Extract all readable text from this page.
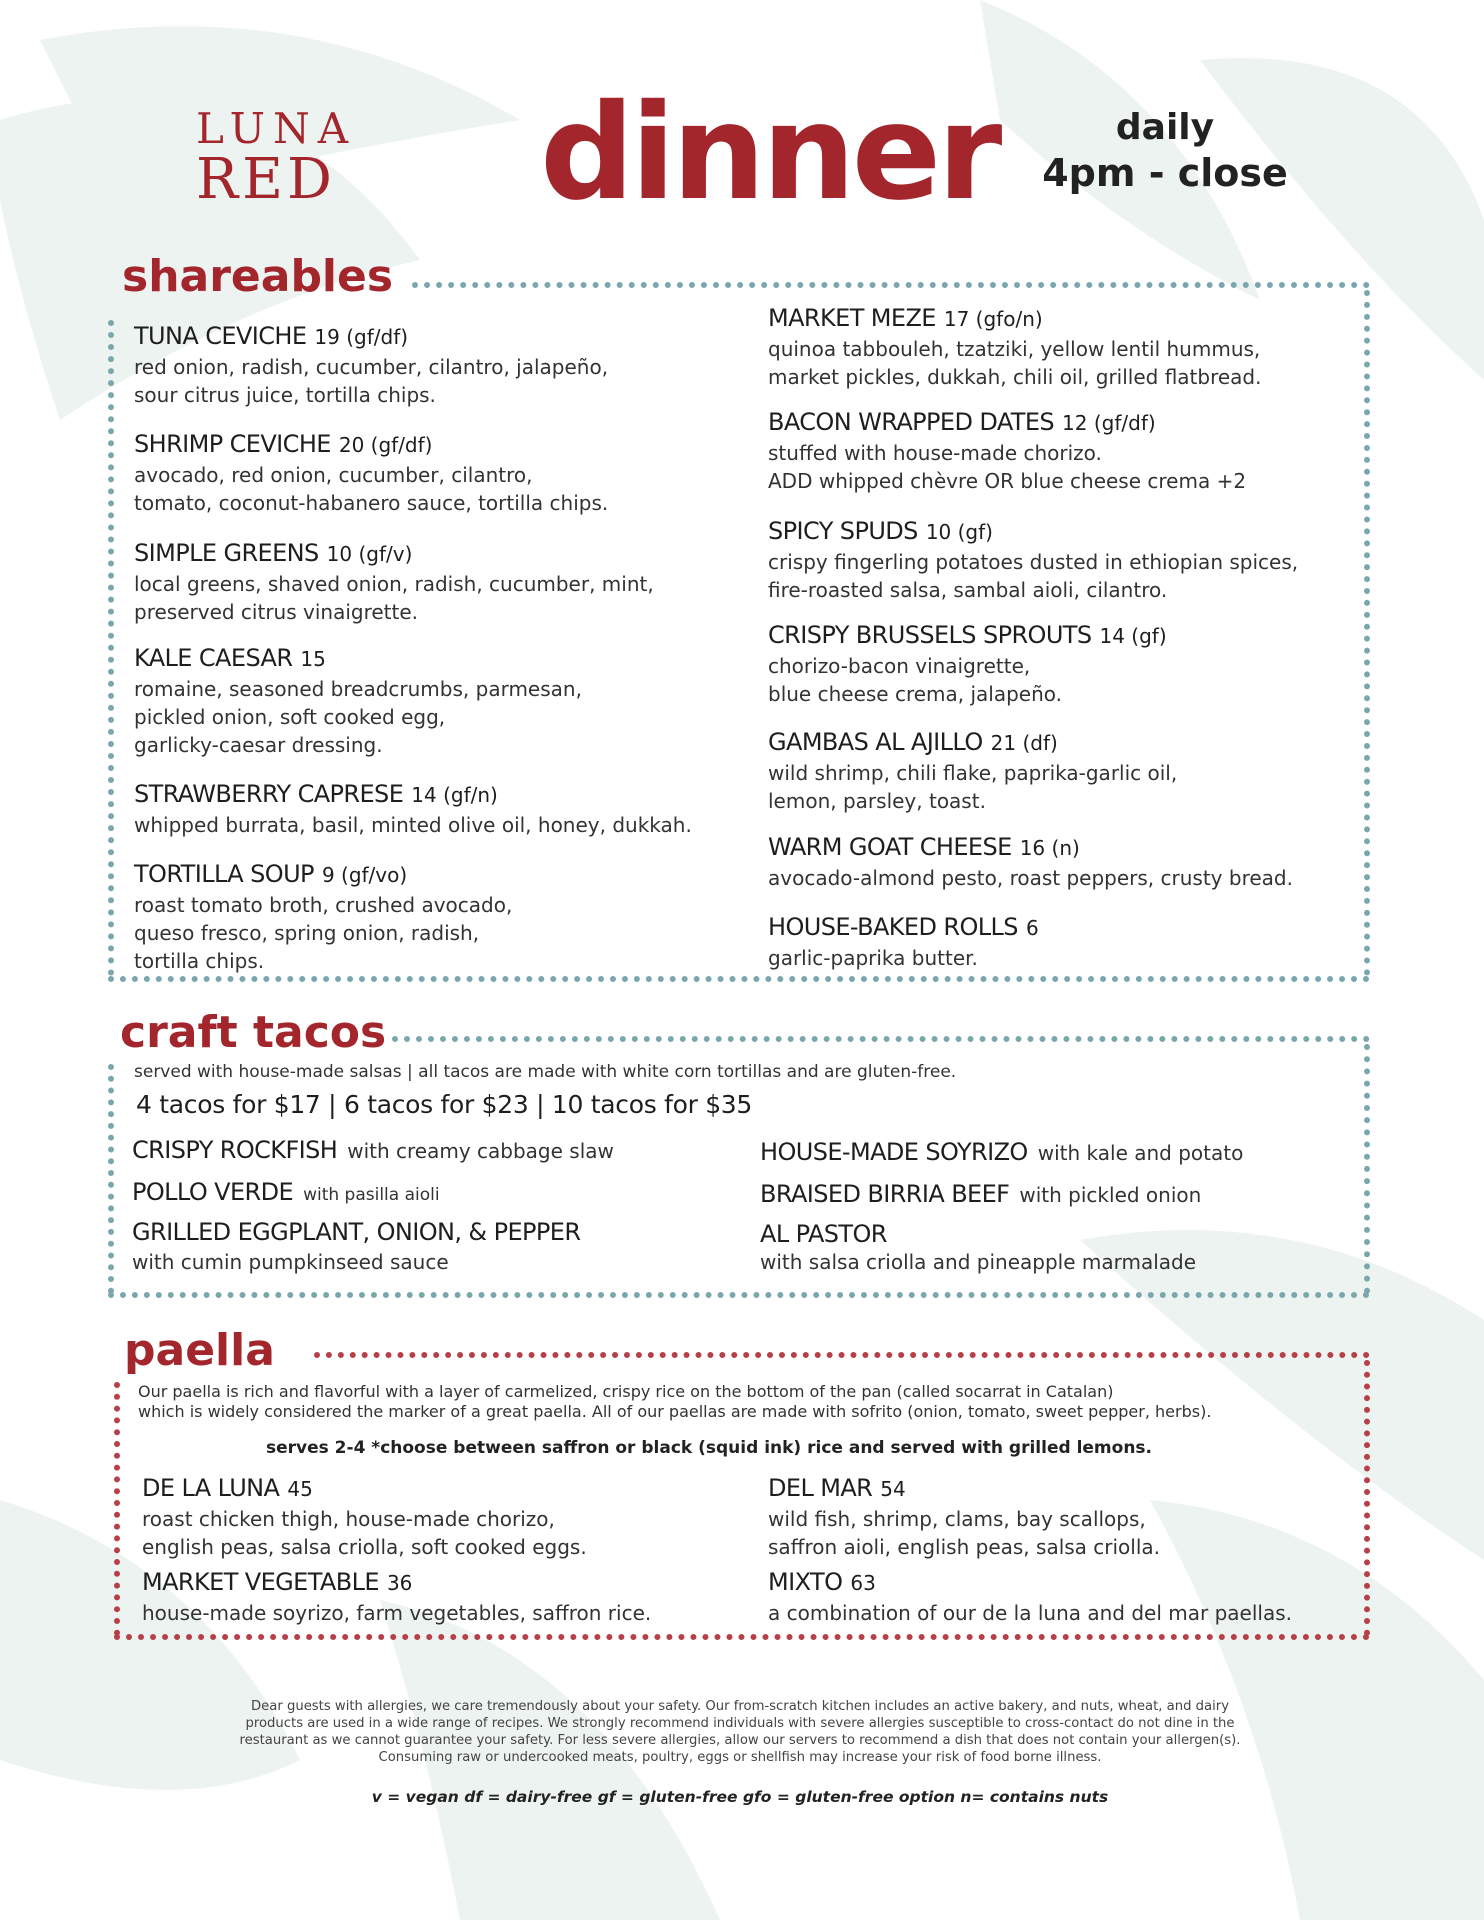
LUNA
RED dinner	daily
4pm - close
shareables
TUNA CEVICHE 19 (gf/df)
red onion, radish, cucumber, cilantro, jalapeño,
sour citrus juice, tortilla chips.
SHRIMP CEVICHE 20 (gf/df)
avocado, red onion, cucumber, cilantro,
tomato, coconut-habanero sauce, tortilla chips.
SIMPLE GREENS 10 (gf/v)
local greens, shaved onion, radish, cucumber, mint,
preserved citrus vinaigrette.
KALE CAESAR 15
romaine, seasoned breadcrumbs, parmesan,
pickled onion, soft cooked egg,
garlicky-caesar dressing.
STRAWBERRY CAPRESE 14 (gf/n)
whipped burrata, basil, minted olive oil, honey, dukkah.
TORTILLA SOUP 9 (gf/vo)
roast tomato broth, crushed avocado,
queso fresco, spring onion, radish,
tortilla chips.
MARKET MEZE 17 (gfo/n)
quinoa tabbouleh, tzatziki, yellow lentil hummus,
market pickles, dukkah, chili oil, grilled flatbread.
BACON WRAPPED DATES 12 (gf/df)
stuffed with house-made chorizo.
ADD whipped chèvre OR blue cheese crema +2
SPICY SPUDS 10 (gf)
crispy fingerling potatoes dusted in ethiopian spices,
fire-roasted salsa, sambal aioli, cilantro.
CRISPY BRUSSELS SPROUTS 14 (gf)
chorizo-bacon vinaigrette,
blue cheese crema, jalapeño.
GAMBAS AL AJILLO 21 (df)
wild shrimp, chili flake, paprika-garlic oil,
lemon, parsley, toast.
WARM GOAT CHEESE 16 (n)
avocado-almond pesto, roast peppers, crusty bread.
HOUSE-BAKED ROLLS 6
garlic-paprika butter.
craft tacos
served with house-made salsas | all tacos are made with white corn tortillas and are gluten-free.
4 tacos for $17 | 6 tacos for $23 | 10 tacos for $35
CRISPY ROCKFISH with creamy cabbage slaw
POLLO VERDE with pasilla aioli
GRILLED EGGPLANT, ONION, & PEPPER
with cumin pumpkinseed sauce
HOUSE-MADE SOYRIZO with kale and potato
BRAISED BIRRIA BEEF with pickled onion
AL PASTOR
with salsa criolla and pineapple marmalade
paella
Our paella is rich and flavorful with a layer of carmelized, crispy rice on the bottom of the pan (called socarrat in Catalan)
which is widely considered the marker of a great paella. All of our paellas are made with sofrito (onion, tomato, sweet pepper, herbs).
serves 2-4 *choose between saffron or black (squid ink) rice and served with grilled lemons.
DE LA LUNA 45
roast chicken thigh, house-made chorizo,
english peas, salsa criolla, soft cooked eggs.
MARKET VEGETABLE 36
house-made soyrizo, farm vegetables, saffron rice.
DEL MAR 54
wild fish, shrimp, clams, bay scallops,
saffron aioli, english peas, salsa criolla.
MIXTO 63
a combination of our de la luna and del mar paellas.
Dear guests with allergies, we care tremendously about your safety. Our from-scratch kitchen includes an active bakery, and nuts, wheat, and dairy
products are used in a wide range of recipes. We strongly recommend individuals with severe allergies susceptible to cross-contact do not dine in the
restaurant as we cannot guarantee your safety. For less severe allergies, allow our servers to recommend a dish that does not contain your allergen(s).
Consuming raw or undercooked meats, poultry, eggs or shellfish may increase your risk of food borne illness.
v = vegan df = dairy-free gf = gluten-free gfo = gluten-free option n= contains nuts
